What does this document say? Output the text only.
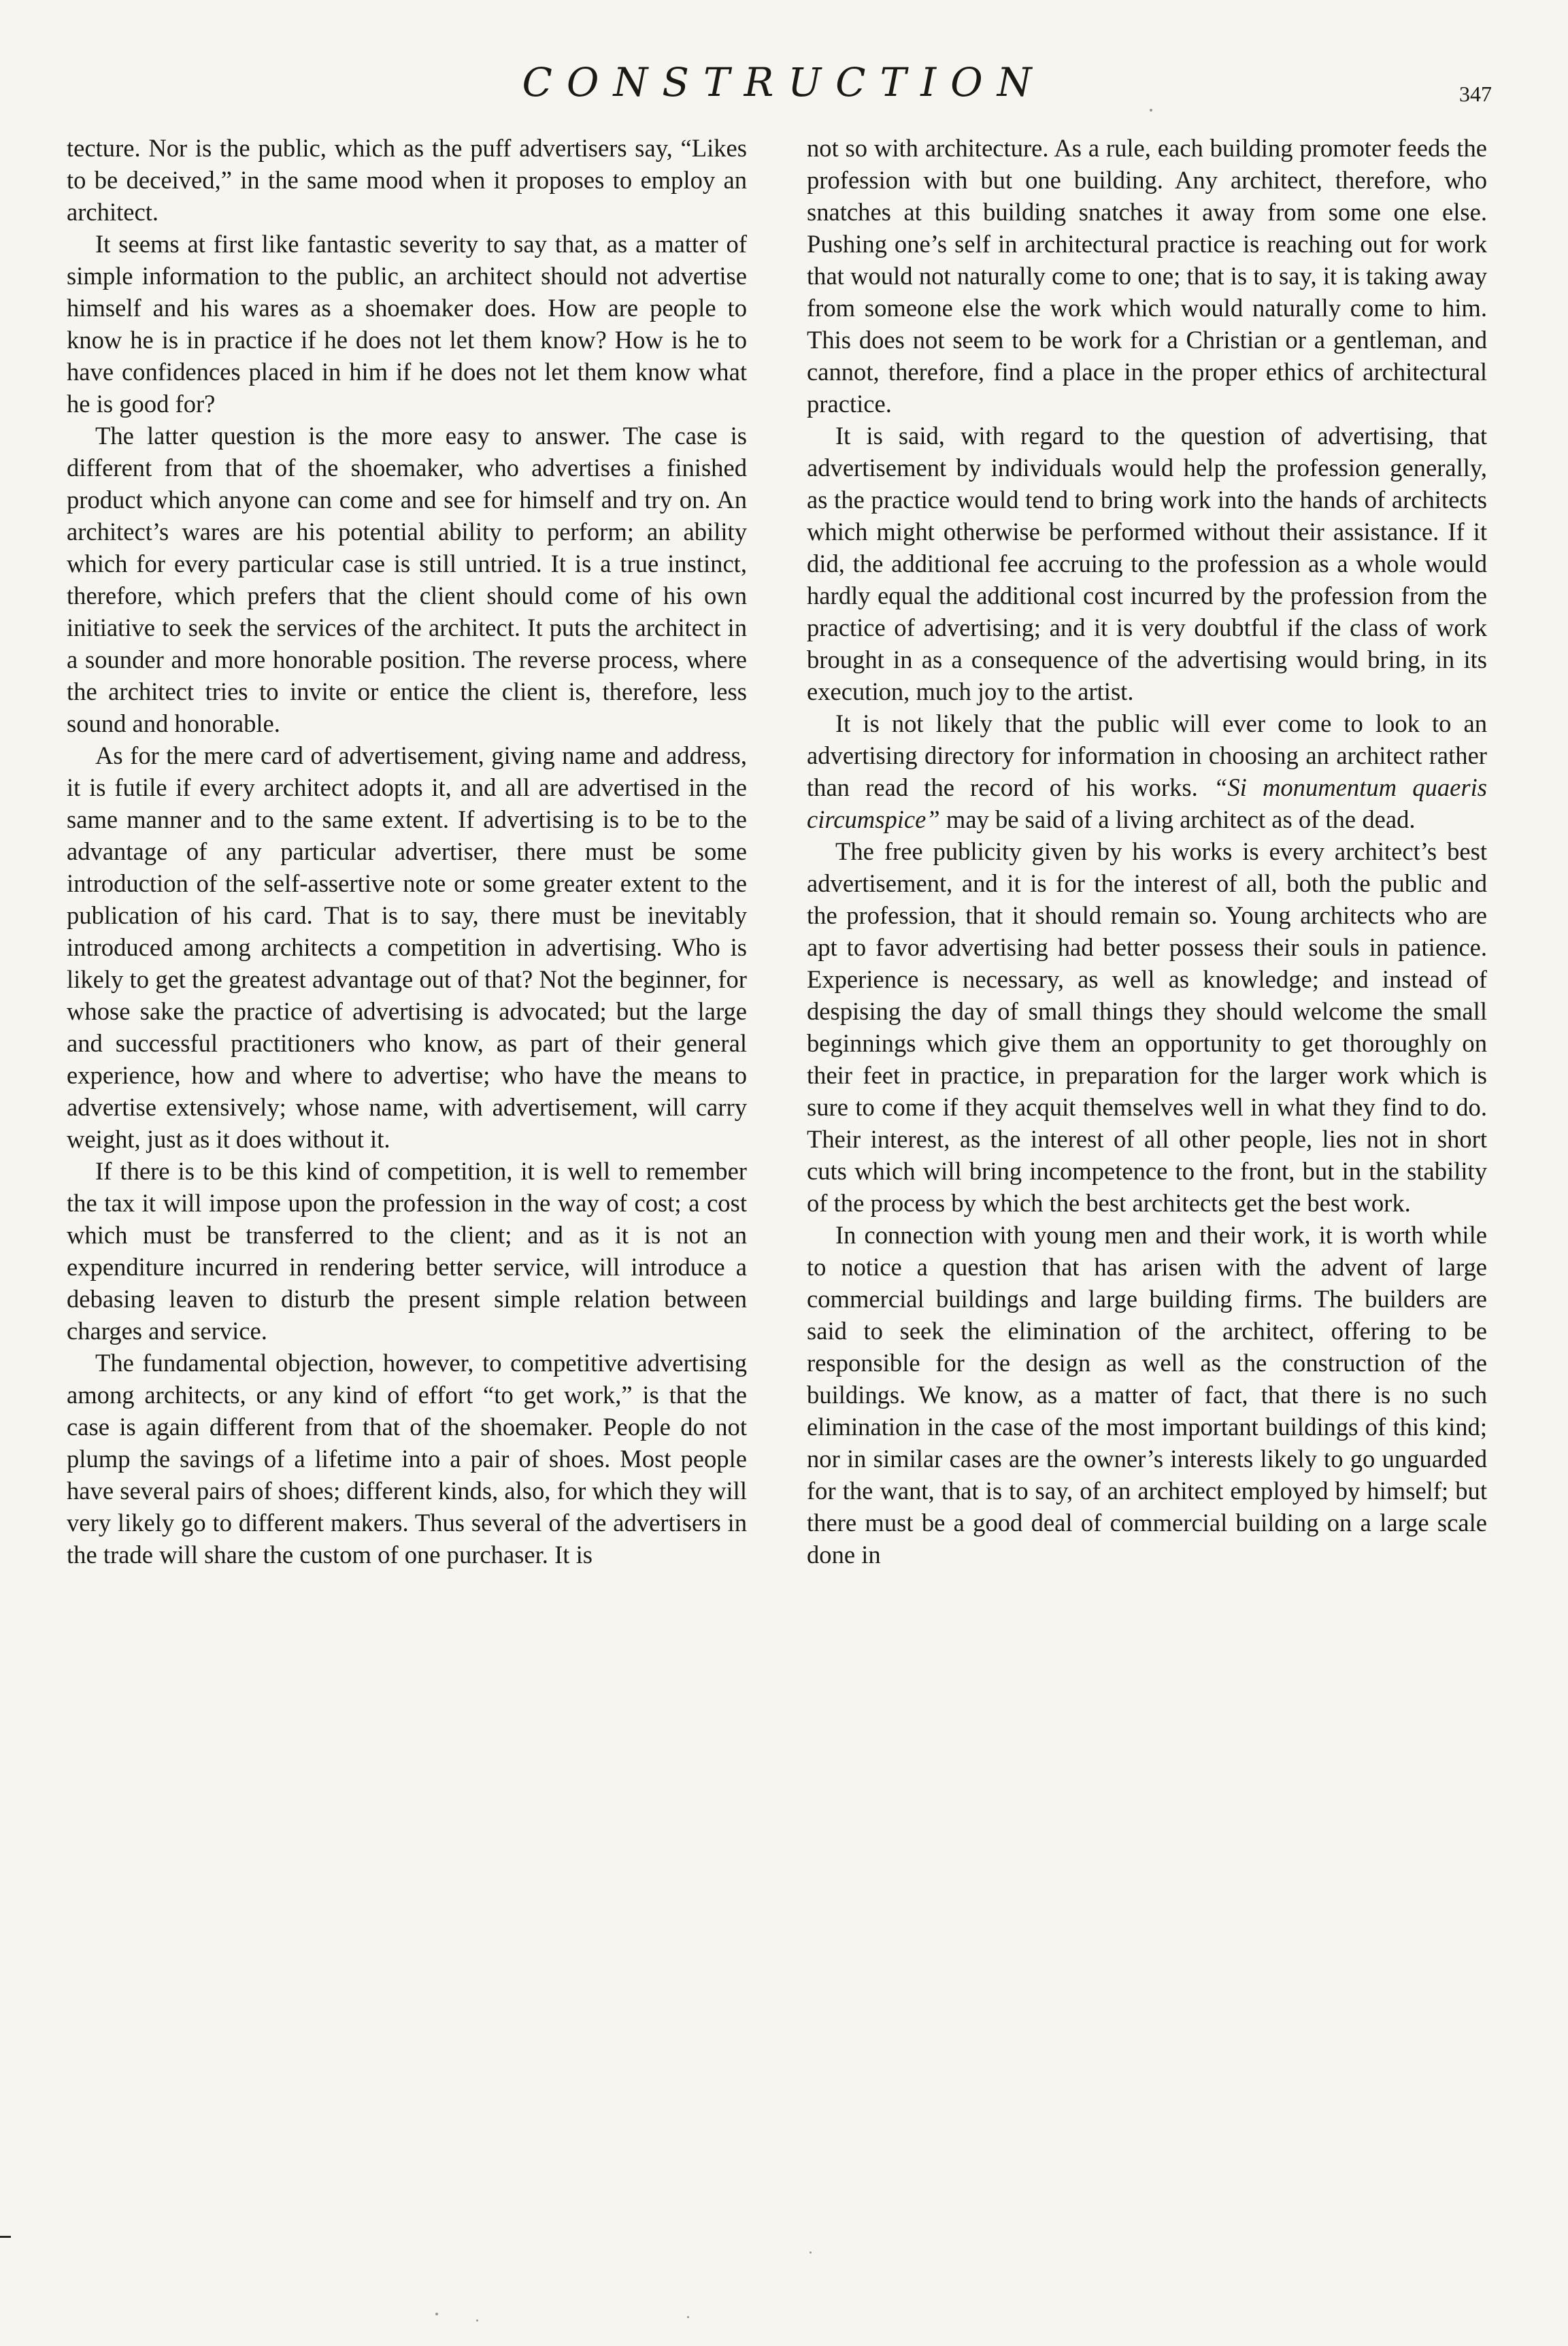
CONSTRUCTION	347

tecture. Nor is the public, which as the puff advertisers say, “Likes to be deceived,” in the same mood when it proposes to employ an architect.

It seems at first like fantastic severity to say that, as a matter of simple information to the public, an architect should not advertise himself and his wares as a shoemaker does. How are people to know he is in practice if he does not let them know? How is he to have confidences placed in him if he does not let them know what he is good for?

The latter question is the more easy to answer. The case is different from that of the shoemaker, who advertises a finished product which anyone can come and see for himself and try on. An architect’s wares are his potential ability to perform; an ability which for every particular case is still untried. It is a true instinct, therefore, which prefers that the client should come of his own initiative to seek the services of the architect. It puts the architect in a sounder and more honorable position. The reverse process, where the architect tries to invite or entice the client is, therefore, less sound and honorable.

As for the mere card of advertisement, giving name and address, it is futile if every architect adopts it, and all are advertised in the same manner and to the same extent. If advertising is to be to the advantage of any particular advertiser, there must be some introduction of the self-assertive note or some greater extent to the publication of his card. That is to say, there must be inevitably introduced among architects a competition in advertising. Who is likely to get the greatest advantage out of that? Not the beginner, for whose sake the practice of advertising is advocated; but the large and successful practitioners who know, as part of their general experience, how and where to advertise; who have the means to advertise extensively; whose name, with advertisement, will carry weight, just as it does without it.

If there is to be this kind of competition, it is well to remember the tax it will impose upon the profession in the way of cost; a cost which must be transferred to the client; and as it is not an expenditure incurred in rendering better service, will introduce a debasing leaven to disturb the present simple relation between charges and service.

The fundamental objection, however, to competitive advertising among architects, or any kind of effort “to get work,” is that the case is again different from that of the shoemaker. People do not plump the savings of a lifetime into a pair of shoes. Most people have several pairs of shoes; different kinds, also, for which they will very likely go to different makers. Thus several of the advertisers in the trade will share the custom of one purchaser. It is

not so with architecture. As a rule, each building promoter feeds the profession with but one building. Any architect, therefore, who snatches at this building snatches it away from some one else. Pushing one’s self in architectural practice is reaching out for work that would not naturally come to one; that is to say, it is taking away from someone else the work which would naturally come to him. This does not seem to be work for a Christian or a gentleman, and cannot, therefore, find a place in the proper ethics of architectural practice.

It is said, with regard to the question of advertising, that advertisement by individuals would help the profession generally, as the practice would tend to bring work into the hands of architects which might otherwise be performed without their assistance. If it did, the additional fee accruing to the profession as a whole would hardly equal the additional cost incurred by the profession from the practice of advertising; and it is very doubtful if the class of work brought in as a consequence of the advertising would bring, in its execution, much joy to the artist.

It is not likely that the public will ever come to look to an advertising directory for information in choosing an architect rather than read the record of his works. “Si monumentum quaeris circumspice” may be said of a living architect as of the dead.

The free publicity given by his works is every architect’s best advertisement, and it is for the interest of all, both the public and the profession, that it should remain so. Young architects who are apt to favor advertising had better possess their souls in patience. Experience is necessary, as well as knowledge; and instead of despising the day of small things they should welcome the small beginnings which give them an opportunity to get thoroughly on their feet in practice, in preparation for the larger work which is sure to come if they acquit themselves well in what they find to do. Their interest, as the interest of all other people, lies not in short cuts which will bring incompetence to the front, but in the stability of the process by which the best architects get the best work.

In connection with young men and their work, it is worth while to notice a question that has arisen with the advent of large commercial buildings and large building firms. The builders are said to seek the elimination of the architect, offering to be responsible for the design as well as the construction of the buildings. We know, as a matter of fact, that there is no such elimination in the case of the most important buildings of this kind; nor in similar cases are the owner’s interests likely to go unguarded for the want, that is to say, of an architect employed by himself; but there must be a good deal of commercial building on a large scale done in
